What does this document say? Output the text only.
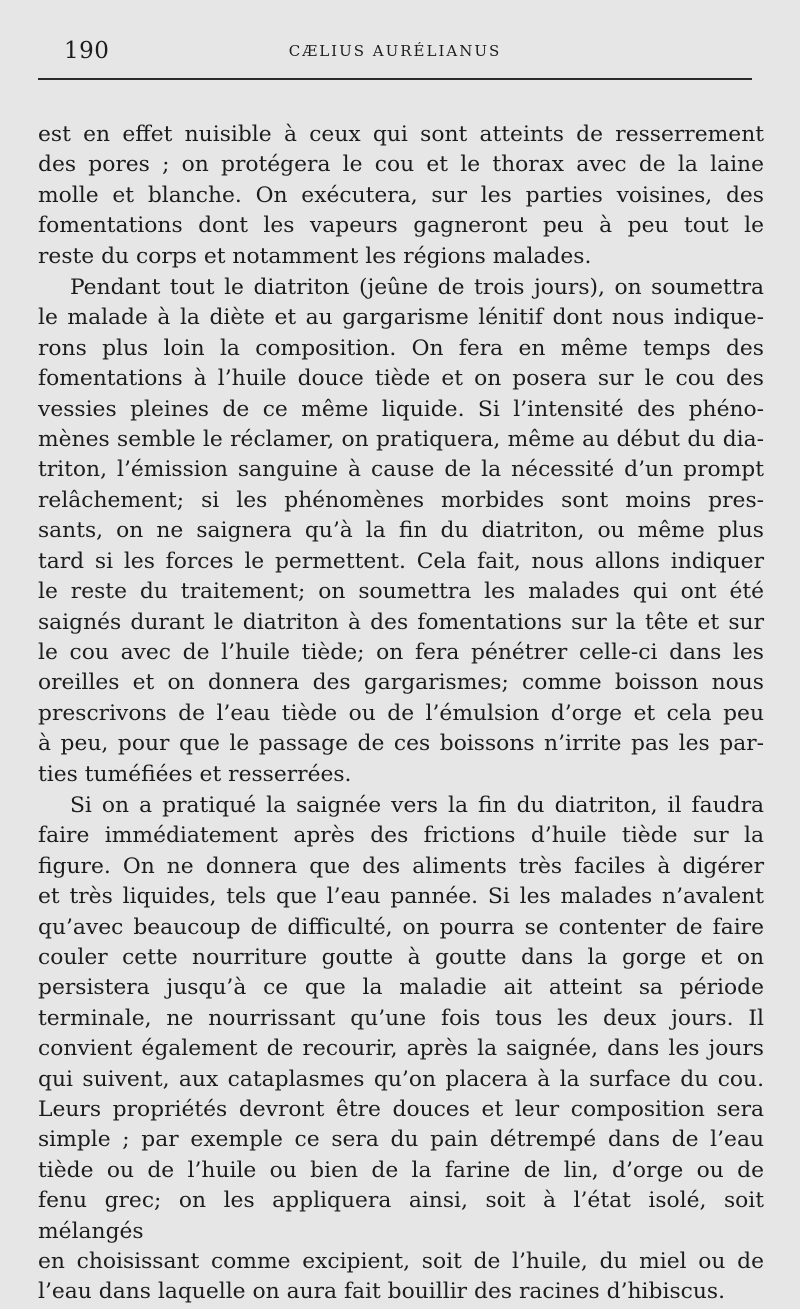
190	CÆLIUS AURÉLIANUS

est en effet nuisible à ceux qui sont atteints de resserrement

des pores ; on protégera le cou et le thorax avec de la laine

molle et blanche. On exécutera, sur les parties voisines, des

fomentations dont les vapeurs gagneront peu à peu tout le

reste du corps et notamment les régions malades.

Pendant tout le diatriton (jeûne de trois jours), on soumettra

le malade à la diète et au gargarisme lénitif dont nous indique-

rons plus loin la composition. On fera en même temps des

fomentations à l’huile douce tiède et on posera sur le cou des

vessies pleines de ce même liquide. Si l’intensité des phéno-

mènes semble le réclamer, on pratiquera, même au début du dia-

triton, l’émission sanguine à cause de la nécessité d’un prompt

relâchement; si les phénomènes morbides sont moins pres-

sants, on ne saignera qu’à la fin du diatriton, ou même plus

tard si les forces le permettent. Cela fait, nous allons indiquer

le reste du traitement; on soumettra les malades qui ont été

saignés durant le diatriton à des fomentations sur la tête et sur

le cou avec de l’huile tiède; on fera pénétrer celle-ci dans les

oreilles et on donnera des gargarismes; comme boisson nous

prescrivons de l’eau tiède ou de l’émulsion d’orge et cela peu

à peu, pour que le passage de ces boissons n’irrite pas les par-

ties tuméfiées et resserrées.

Si on a pratiqué la saignée vers la fin du diatriton, il faudra

faire immédiatement après des frictions d’huile tiède sur la

figure. On ne donnera que des aliments très faciles à digérer

et très liquides, tels que l’eau pannée. Si les malades n’avalent

qu’avec beaucoup de difficulté, on pourra se contenter de faire

couler cette nourriture goutte à goutte dans la gorge et on

persistera jusqu’à ce que la maladie ait atteint sa période

terminale, ne nourrissant qu’une fois tous les deux jours. Il

convient également de recourir, après la saignée, dans les jours

qui suivent, aux cataplasmes qu’on placera à la surface du cou.

Leurs propriétés devront être douces et leur composition sera

simple ; par exemple ce sera du pain détrempé dans de l’eau

tiède ou de l’huile ou bien de la farine de lin, d’orge ou de

fenu grec; on les appliquera ainsi, soit à l’état isolé, soit mélangés

en choisissant comme excipient, soit de l’huile, du miel ou de

l’eau dans laquelle on aura fait bouillir des racines d’hibiscus.
